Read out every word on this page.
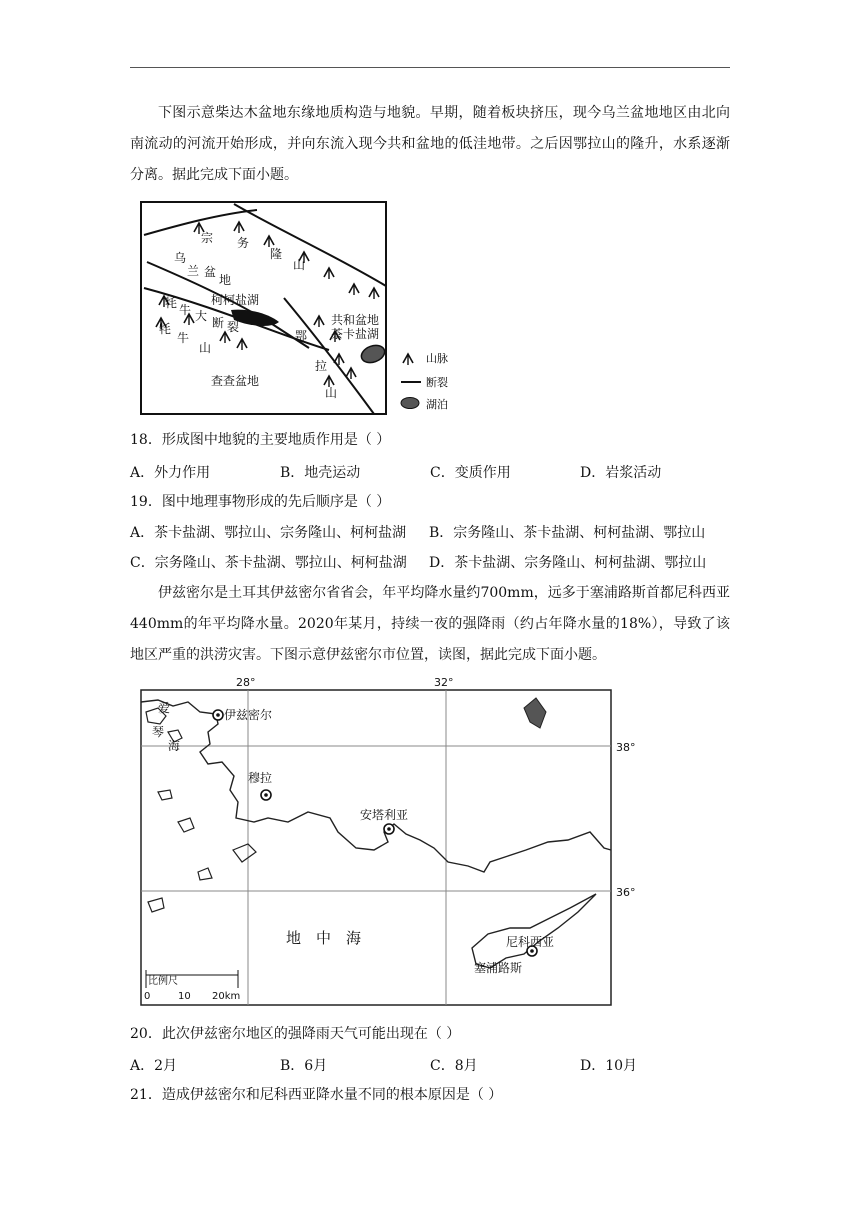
下图示意柴达木盆地东缘地质构造与地貌。早期，随着板块挤压，现今乌兰盆地地区由北向南流动的河流开始形成，并向东流入现今共和盆地的低洼地带。之后因鄂拉山的隆升，水系逐渐分离。据此完成下面小题。
宗 务
隆
山
乌
兰 盆
地
柯柯盐湖
牦 牛 大 断 裂
牦
牛
山
鄂
拉
山
共和盆地
茶卡盐湖
查查盆地
山脉
断裂
湖泊
18．形成图中地貌的主要地质作用是（ ）
A．外力作用	B．地壳运动	C．变质作用	D．岩浆活动
19．图中地理事物形成的先后顺序是（ ）
A．茶卡盐湖、鄂拉山、宗务隆山、柯柯盐湖 B．宗务隆山、茶卡盐湖、柯柯盐湖、鄂拉山
C．宗务隆山、茶卡盐湖、鄂拉山、柯柯盐湖 D．茶卡盐湖、宗务隆山、柯柯盐湖、鄂拉山
伊兹密尔是土耳其伊兹密尔省省会，年平均降水量约700mm，远多于塞浦路斯首都尼科西亚440mm的年平均降水量。2020年某月，持续一夜的强降雨（约占年降水量的18%），导致了该地区严重的洪涝灾害。下图示意伊兹密尔市位置，读图，据此完成下面小题。
28°	32°
38°
36°
伊兹密尔
穆拉
安塔利亚
尼科西亚
塞浦路斯
爱
琴
海
地　中　海
比例尺
0	10 20km
20．此次伊兹密尔地区的强降雨天气可能出现在（ ）
A．2月	B．6月	C．8月	D．10月
21．造成伊兹密尔和尼科西亚降水量不同的根本原因是（ ）
